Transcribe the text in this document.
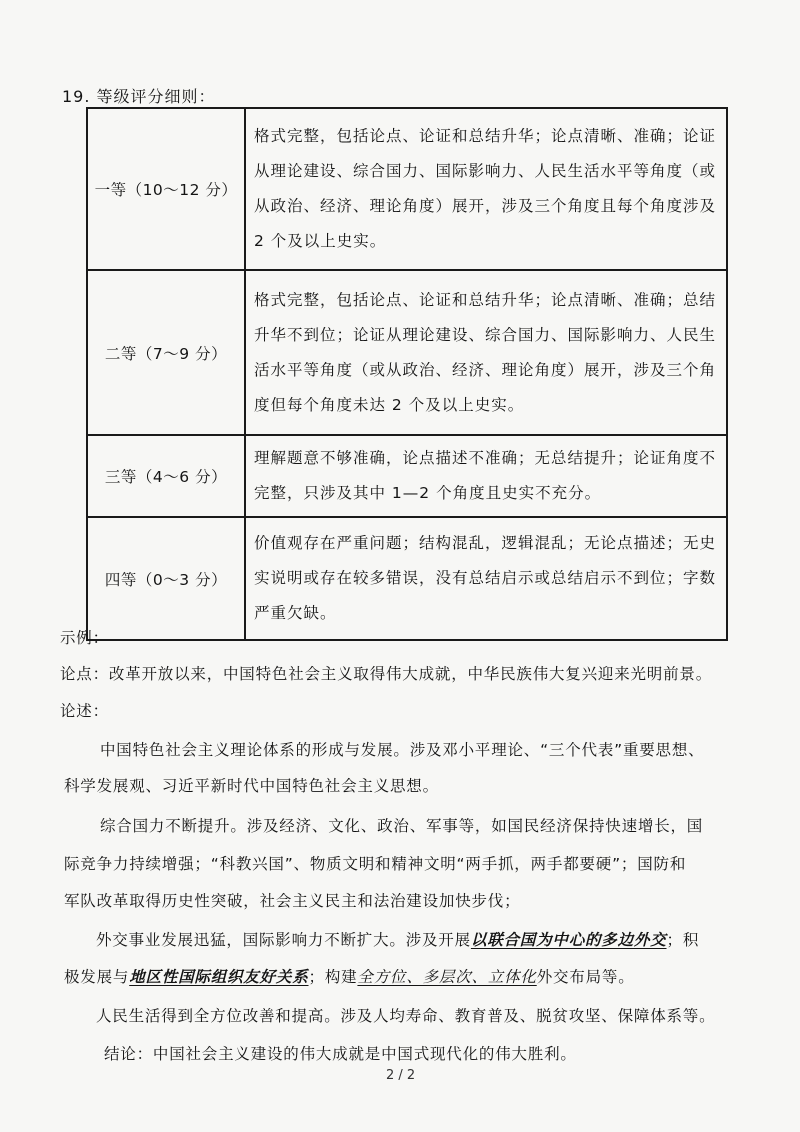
19. 等级评分细则：
一等（10～12 分）	格式完整，包括论点、论证和总结升华；论点清晰、准确；论证从理论建设、综合国力、国际影响力、人民生活水平等角度（或从政治、经济、理论角度）展开，涉及三个角度且每个角度涉及 2 个及以上史实。
二等（7～9 分）	格式完整，包括论点、论证和总结升华；论点清晰、准确；总结升华不到位；论证从理论建设、综合国力、国际影响力、人民生活水平等角度（或从政治、经济、理论角度）展开，涉及三个角度但每个角度未达 2 个及以上史实。
三等（4～6 分）	理解题意不够准确，论点描述不准确；无总结提升；论证角度不完整，只涉及其中 1—2 个角度且史实不充分。
四等（0～3 分）	价值观存在严重问题；结构混乱，逻辑混乱；无论点描述；无史实说明或存在较多错误，没有总结启示或总结启示不到位；字数严重欠缺。
示例：
论点：改革开放以来，中国特色社会主义取得伟大成就，中华民族伟大复兴迎来光明前景。
论述：
中国特色社会主义理论体系的形成与发展。涉及邓小平理论、“三个代表”重要思想、
科学发展观、习近平新时代中国特色社会主义思想。
综合国力不断提升。涉及经济、文化、政治、军事等，如国民经济保持快速增长，国
际竞争力持续增强；“科教兴国”、物质文明和精神文明“两手抓，两手都要硬”；国防和
军队改革取得历史性突破，社会主义民主和法治建设加快步伐；
外交事业发展迅猛，国际影响力不断扩大。涉及开展以联合国为中心的多边外交；积
极发展与地区性国际组织友好关系；构建全方位、多层次、立体化外交布局等。
人民生活得到全方位改善和提高。涉及人均寿命、教育普及、脱贫攻坚、保障体系等。
结论：中国社会主义建设的伟大成就是中国式现代化的伟大胜利。
2 / 2
